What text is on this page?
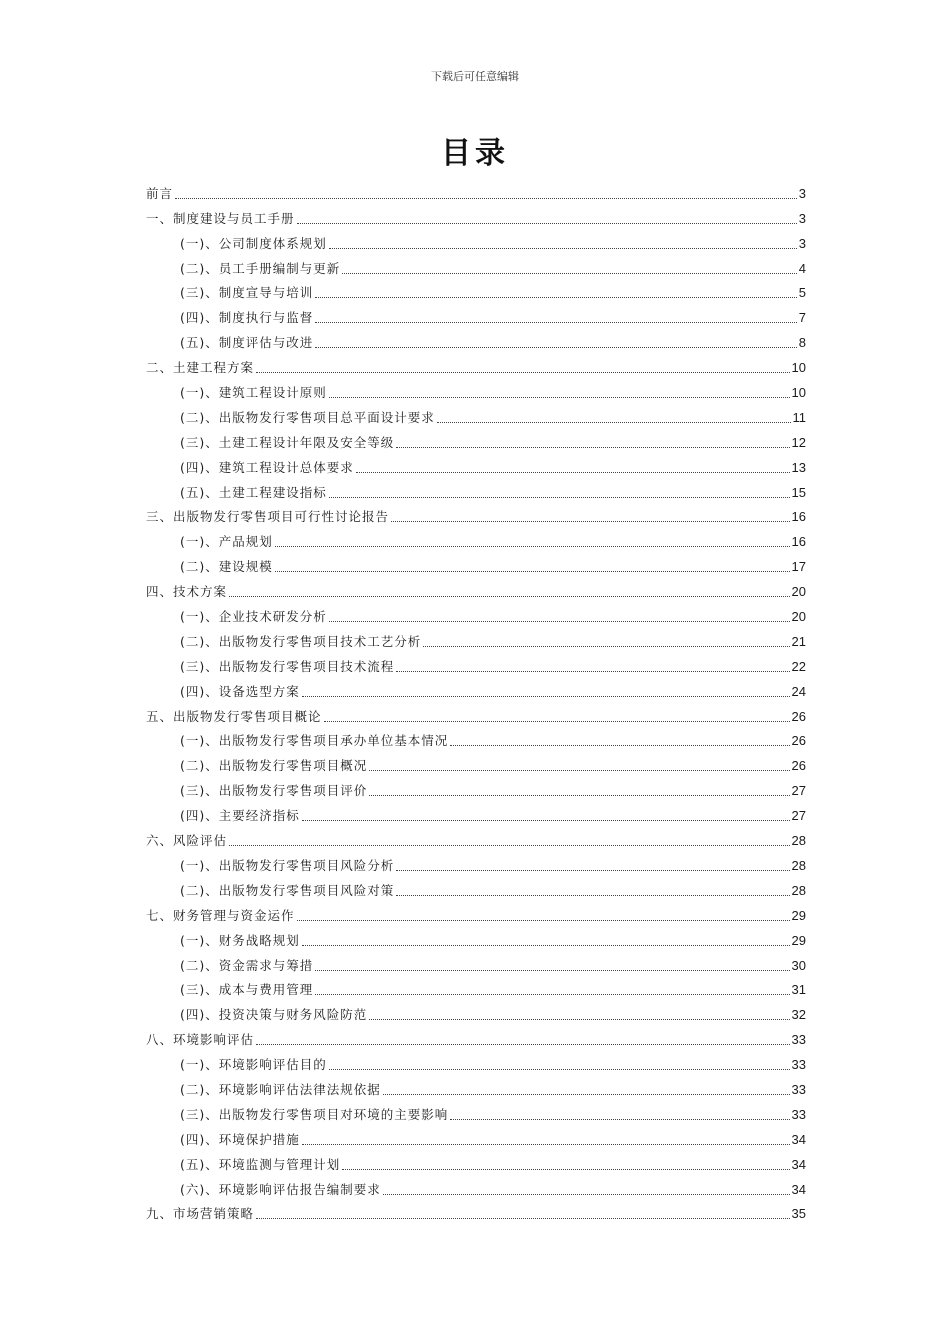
下载后可任意编辑
目录
前言	3
一、制度建设与员工手册	3
(一)、公司制度体系规划	3
(二)、员工手册编制与更新	4
(三)、制度宣导与培训	5
(四)、制度执行与监督	7
(五)、制度评估与改进	8
二、土建工程方案	10
(一)、建筑工程设计原则	10
(二)、出版物发行零售项目总平面设计要求	11
(三)、土建工程设计年限及安全等级	12
(四)、建筑工程设计总体要求	13
(五)、土建工程建设指标	15
三、出版物发行零售项目可行性讨论报告	16
(一)、产品规划	16
(二)、建设规模	17
四、技术方案	20
(一)、企业技术研发分析	20
(二)、出版物发行零售项目技术工艺分析	21
(三)、出版物发行零售项目技术流程	22
(四)、设备选型方案	24
五、出版物发行零售项目概论	26
(一)、出版物发行零售项目承办单位基本情况	26
(二)、出版物发行零售项目概况	26
(三)、出版物发行零售项目评价	27
(四)、主要经济指标	27
六、风险评估	28
(一)、出版物发行零售项目风险分析	28
(二)、出版物发行零售项目风险对策	28
七、财务管理与资金运作	29
(一)、财务战略规划	29
(二)、资金需求与筹措	30
(三)、成本与费用管理	31
(四)、投资决策与财务风险防范	32
八、环境影响评估	33
(一)、环境影响评估目的	33
(二)、环境影响评估法律法规依据	33
(三)、出版物发行零售项目对环境的主要影响	33
(四)、环境保护措施	34
(五)、环境监测与管理计划	34
(六)、环境影响评估报告编制要求	34
九、市场营销策略	35
